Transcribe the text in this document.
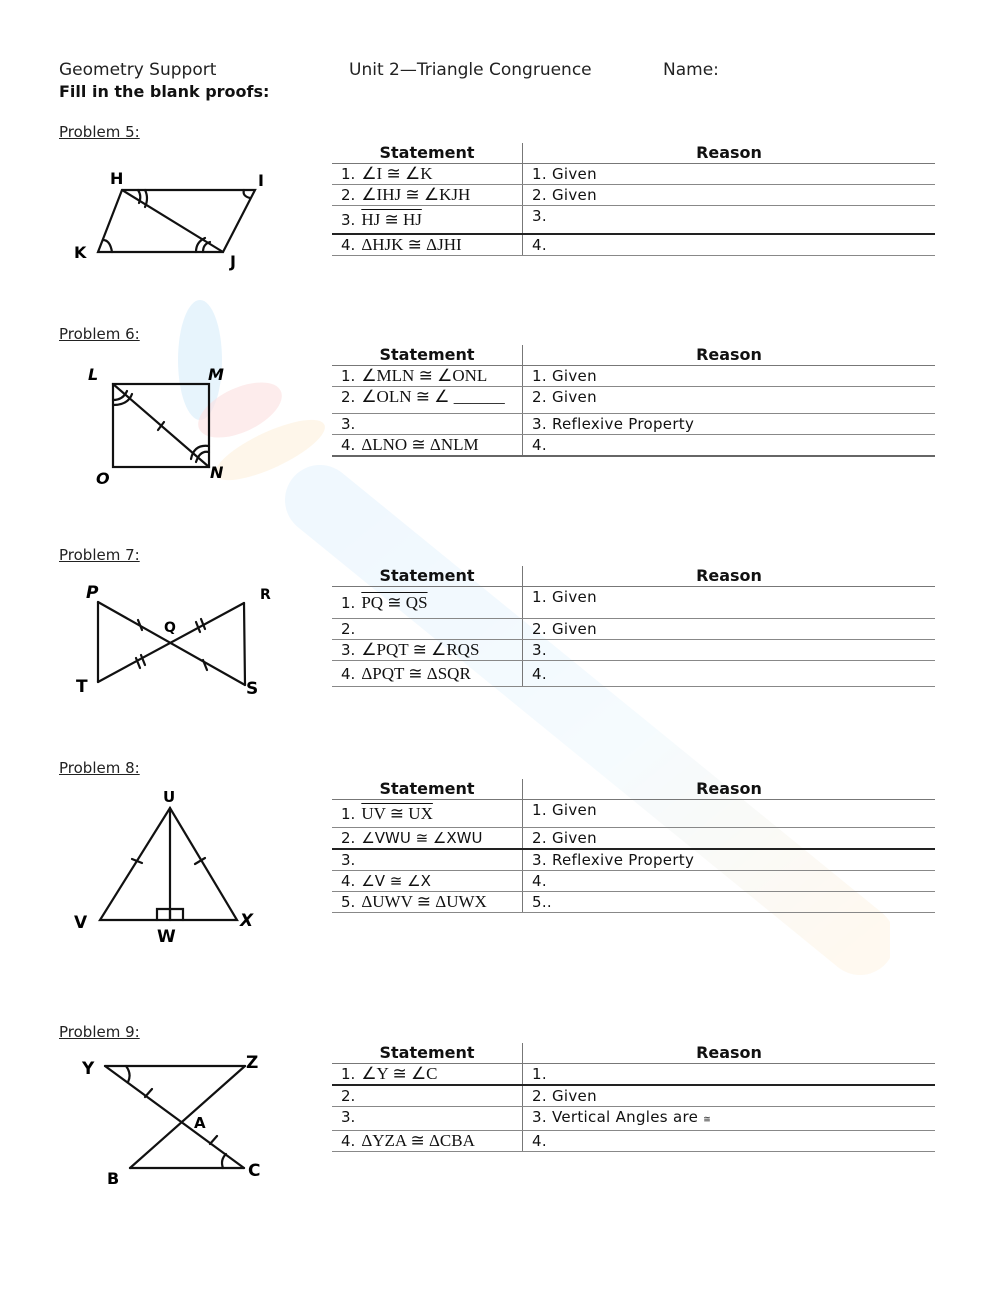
Geometry Support	Unit 2—Triangle Congruence	Name:
Fill in the blank proofs:
Problem 5:
H	I
K	J
Statement	Reason
1. ∠I ≅ ∠K	1. Given
2. ∠IHJ ≅ ∠KJH	2. Given
3. HJ ≅ HJ	3.
4. ΔHJK ≅ ΔJHI	4.
Problem 6:
L	M
O	N
Statement	Reason
1. ∠MLN ≅ ∠ONL	1. Given
2. ∠OLN ≅ ∠ ______	2. Given
3.	3. Reflexive Property
4. ΔLNO ≅ ΔNLM	4.
Problem 7:
P	R
Q
T	S
Statement	Reason
1. PQ ≅ QS	1. Given
2.	2. Given
3. ∠PQT ≅ ∠RQS	3.
4. ΔPQT ≅ ΔSQR	4.
Problem 8:
U
V
W
X
Statement	Reason
1. UV ≅ UX	1. Given
2. ∠VWU ≅ ∠XWU	2. Given
3.	3. Reflexive Property
4. ∠V ≅ ∠X	4.
5. ΔUWV ≅ ΔUWX	5..
Problem 9:
Y	Z
A
B	C
Statement	Reason
1. ∠Y ≅ ∠C	1.
2.	2. Given
3.	3. Vertical Angles are ≅
4. ΔYZA ≅ ΔCBA	4.
